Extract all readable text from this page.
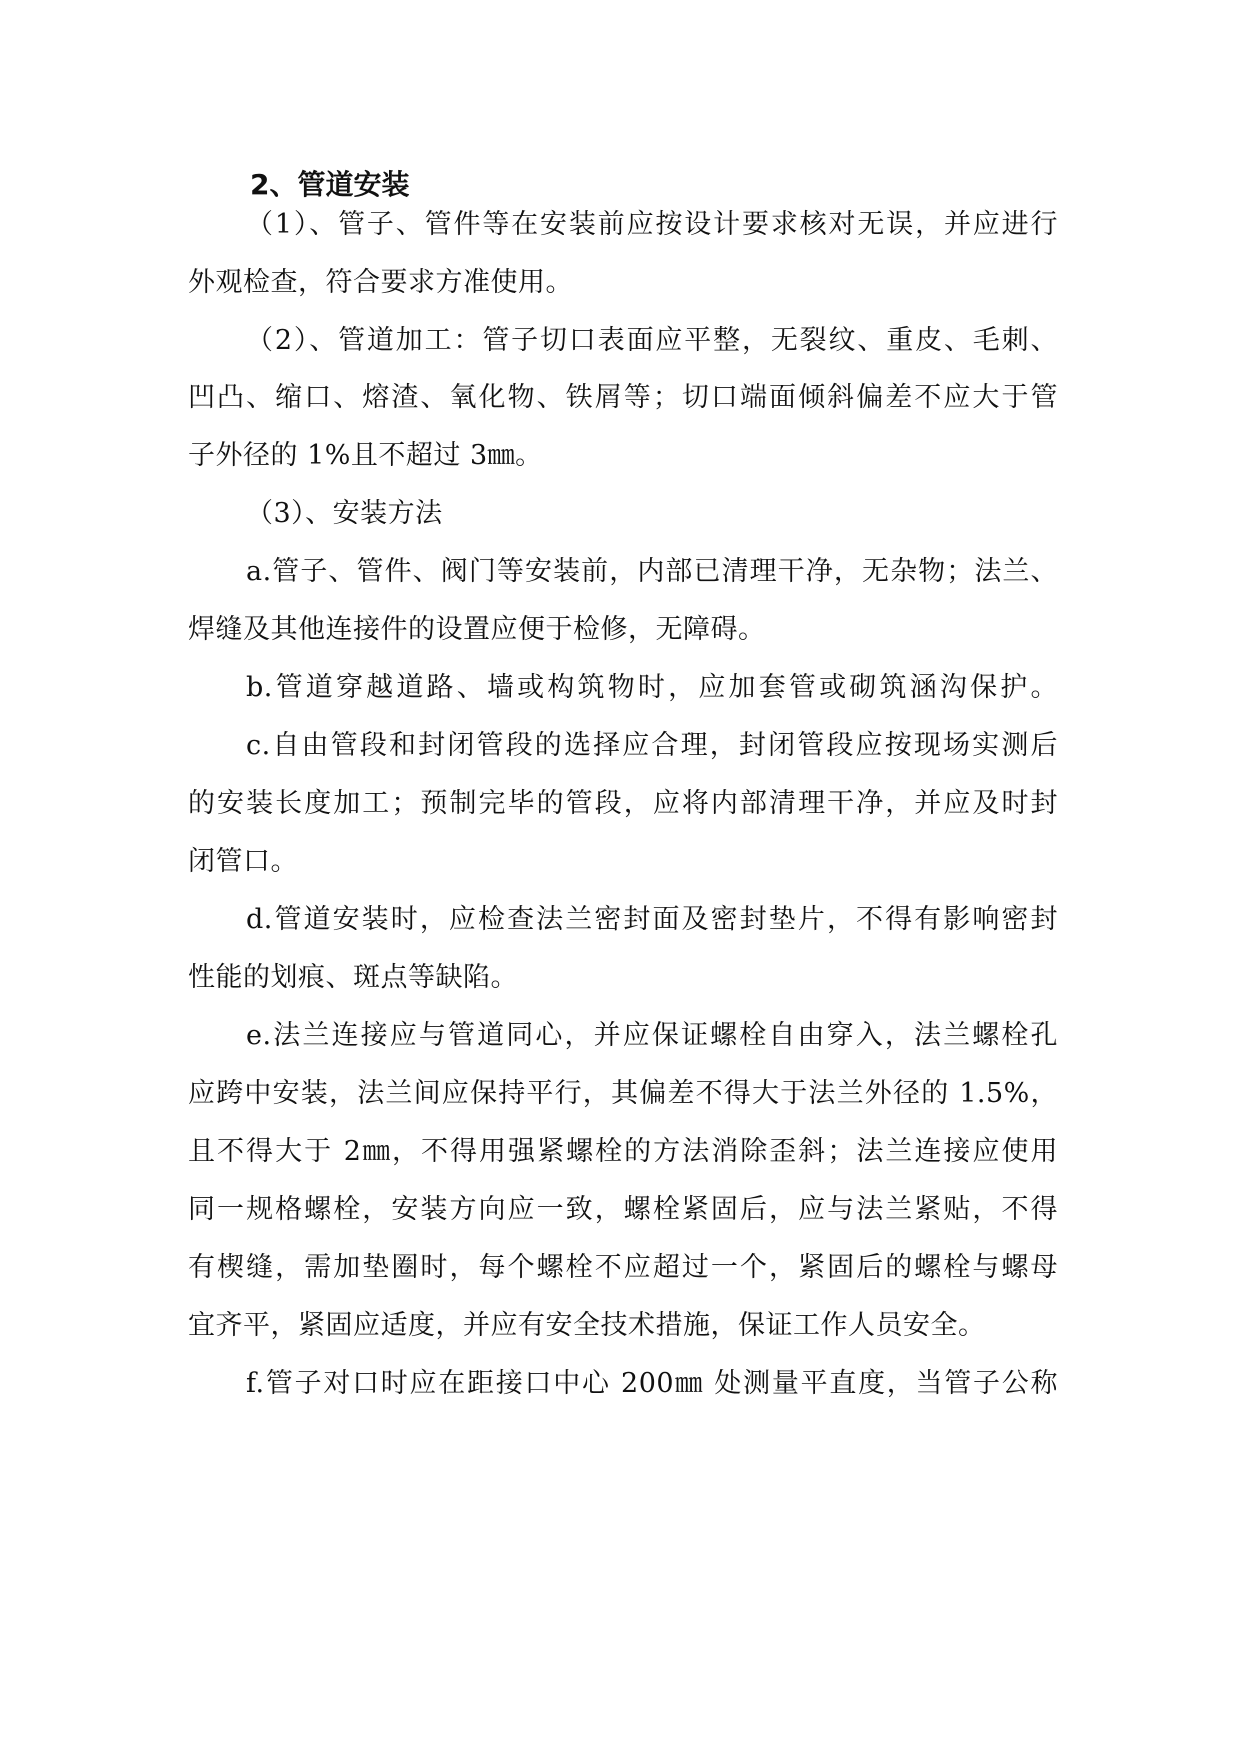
2、管道安装
（1）、管子、管件等在安装前应按设计要求核对无误，并应进行
外观检查，符合要求方准使用。
（2）、管道加工：管子切口表面应平整，无裂纹、重皮、毛刺、
凹凸、缩口、熔渣、氧化物、铁屑等；切口端面倾斜偏差不应大于管
子外径的 1%且不超过 3㎜。
（3）、安装方法
a.管子、管件、阀门等安装前，内部已清理干净，无杂物；法兰、
焊缝及其他连接件的设置应便于检修，无障碍。
b.管道穿越道路、墙或构筑物时，应加套管或砌筑涵沟保护。
c.自由管段和封闭管段的选择应合理，封闭管段应按现场实测后
的安装长度加工；预制完毕的管段，应将内部清理干净，并应及时封
闭管口。
d.管道安装时，应检查法兰密封面及密封垫片，不得有影响密封
性能的划痕、斑点等缺陷。
e.法兰连接应与管道同心，并应保证螺栓自由穿入，法兰螺栓孔
应跨中安装，法兰间应保持平行，其偏差不得大于法兰外径的 1.5%，
且不得大于 2㎜，不得用强紧螺栓的方法消除歪斜；法兰连接应使用
同一规格螺栓，安装方向应一致，螺栓紧固后，应与法兰紧贴，不得
有楔缝，需加垫圈时，每个螺栓不应超过一个，紧固后的螺栓与螺母
宜齐平，紧固应适度，并应有安全技术措施，保证工作人员安全。
f.管子对口时应在距接口中心 200㎜ 处测量平直度，当管子公称
